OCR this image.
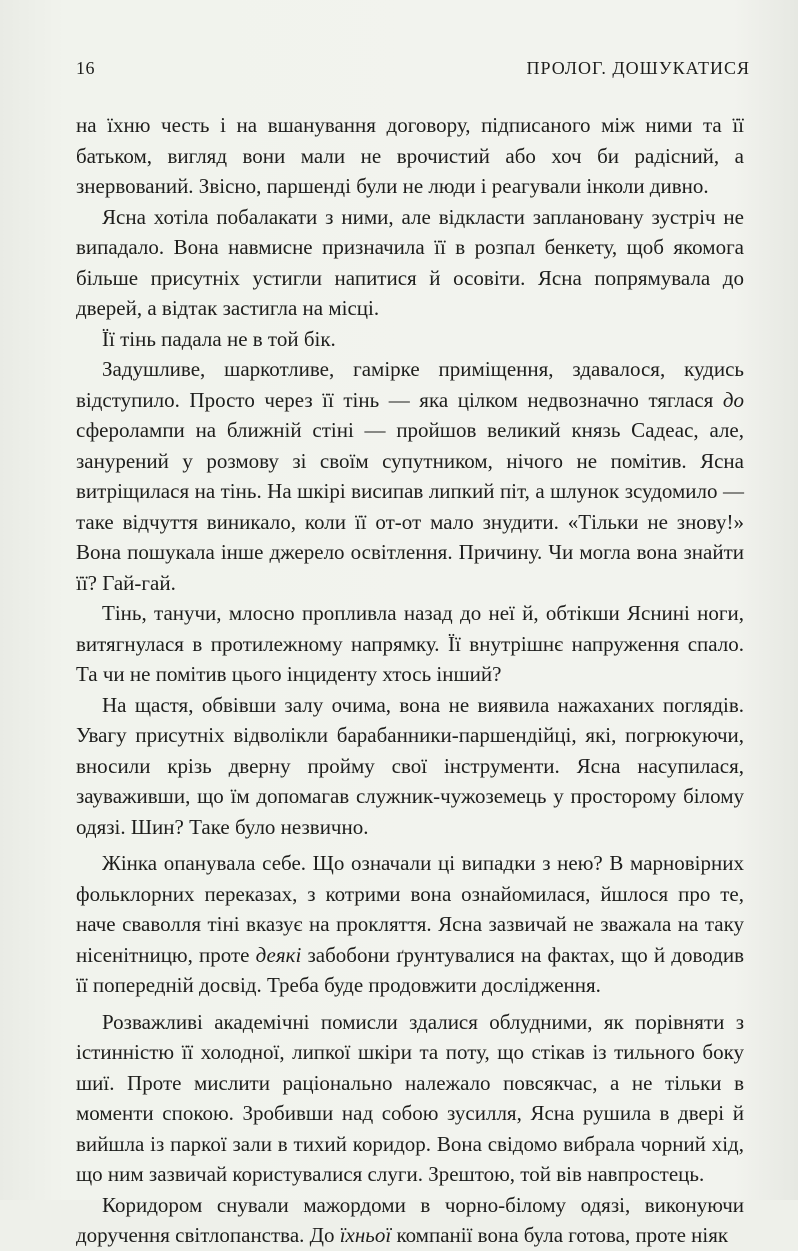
16	ПРОЛОГ. ДОШУКАТИСЯ

на їхню честь і на вшанування договору, підписаного між ними та її батьком, вигляд вони мали не врочистий або хоч би радісний, а знервований. Звісно, паршенді були не люди і реагували інколи дивно.

Ясна хотіла побалакати з ними, але відкласти заплановану зустріч не випадало. Вона навмисне призначила її в розпал бенкету, щоб якомога більше присутніх устигли напитися й осовіти. Ясна попрямувала до дверей, а відтак застигла на місці.

Її тінь падала не в той бік.

Задушливе, шаркотливе, гамірке приміщення, здавалося, кудись відступило. Просто через її тінь — яка цілком недвозначно тяглася до сферолампи на ближній стіні — пройшов великий князь Садеас, але, занурений у розмову зі своїм супутником, нічого не помітив. Ясна витріщилася на тінь. На шкірі висипав липкий піт, а шлунок зсудомило — таке відчуття виникало, коли її от-от мало знудити. «Тільки не знову!» Вона пошукала інше джерело освітлення. Причину. Чи могла вона знайти її? Гай-гай.

Тінь, танучи, млосно пропливла назад до неї й, обтікши Яснині ноги, витягнулася в протилежному напрямку. Її внутрішнє напруження спало. Та чи не помітив цього інциденту хтось інший?

На щастя, обвівши залу очима, вона не виявила нажаханих поглядів. Увагу присутніх відволікли барабанники-паршендійці, які, погрюкуючи, вносили крізь дверну пройму свої інструменти. Ясна насупилася, зауваживши, що їм допомагав служник-чужоземець у просторому білому одязі. Шин? Таке було незвично.

Жінка опанувала себе. Що означали ці випадки з нею? В марновірних фольклорних переказах, з котрими вона ознайомилася, йшлося про те, наче сваволля тіні вказує на прокляття. Ясна зазвичай не зважала на таку нісенітницю, проте деякі забобони ґрунтувалися на фактах, що й доводив її попередній досвід. Треба буде продовжити дослідження.

Розважливі академічні помисли здалися облудними, як порівняти з істинністю її холодної, липкої шкіри та поту, що стікав із тильного боку шиї. Проте мислити раціонально належало повсякчас, а не тільки в моменти спокою. Зробивши над собою зусилля, Ясна рушила в двері й вийшла із паркої зали в тихий коридор. Вона свідомо вибрала чорний хід, що ним зазвичай користувалися слуги. Зрештою, той вів навпростець.

Коридором снували мажордоми в чорно-білому одязі, виконуючи доручення світлопанства. До їхньої компанії вона була готова, проте ніяк
